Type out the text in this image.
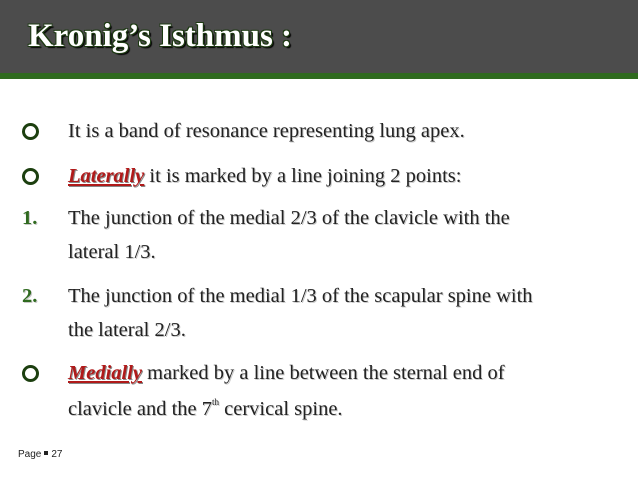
Kronig’s Isthmus :
It is a band of resonance representing lung apex.
Laterally it is marked by a line joining 2 points:
1. The junction of the medial 2/3 of the clavicle with the
lateral 1/3.
2. The junction of the medial 1/3 of the scapular spine with
the lateral 2/3.
Medially marked by a line between the sternal end of
clavicle and the 7th cervical spine.
Page 27
